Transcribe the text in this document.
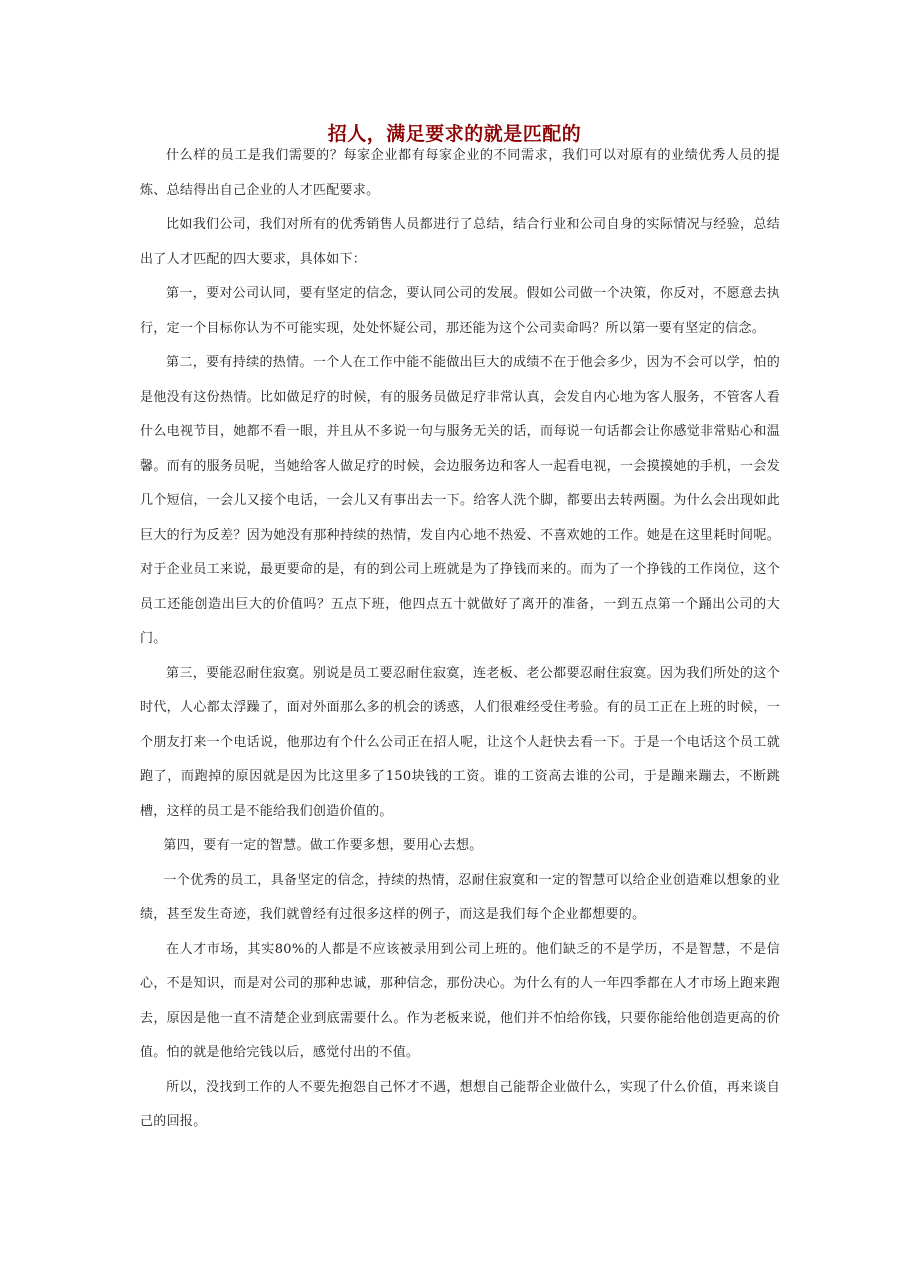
招人，满足要求的就是匹配的

什么样的员工是我们需要的？每家企业都有每家企业的不同需求，我们可以对原有的业绩优秀人员的提炼、总结得出自己企业的人才匹配要求。

比如我们公司，我们对所有的优秀销售人员都进行了总结，结合行业和公司自身的实际情况与经验，总结出了人才匹配的四大要求，具体如下：

第一，要对公司认同，要有坚定的信念，要认同公司的发展。假如公司做一个决策，你反对，不愿意去执行，定一个目标你认为不可能实现，处处怀疑公司，那还能为这个公司卖命吗？所以第一要有坚定的信念。

第二，要有持续的热情。一个人在工作中能不能做出巨大的成绩不在于他会多少，因为不会可以学，怕的是他没有这份热情。比如做足疗的时候，有的服务员做足疗非常认真，会发自内心地为客人服务，不管客人看什么电视节目，她都不看一眼，并且从不多说一句与服务无关的话，而每说一句话都会让你感觉非常贴心和温馨。而有的服务员呢，当她给客人做足疗的时候，会边服务边和客人一起看电视，一会摸摸她的手机，一会发几个短信，一会儿又接个电话，一会儿又有事出去一下。给客人洗个脚，都要出去转两圈。为什么会出现如此巨大的行为反差？因为她没有那种持续的热情，发自内心地不热爱、不喜欢她的工作。她是在这里耗时间呢。对于企业员工来说，最更要命的是，有的到公司上班就是为了挣钱而来的。而为了一个挣钱的工作岗位，这个员工还能创造出巨大的价值吗？五点下班，他四点五十就做好了离开的准备，一到五点第一个踊出公司的大门。

第三，要能忍耐住寂寞。别说是员工要忍耐住寂寞，连老板、老公都要忍耐住寂寞。因为我们所处的这个时代，人心都太浮躁了，面对外面那么多的机会的诱惑，人们很难经受住考验。有的员工正在上班的时候，一个朋友打来一个电话说，他那边有个什么公司正在招人呢，让这个人赶快去看一下。于是一个电话这个员工就跑了，而跑掉的原因就是因为比这里多了150块钱的工资。谁的工资高去谁的公司，于是蹦来蹦去，不断跳槽，这样的员工是不能给我们创造价值的。

第四，要有一定的智慧。做工作要多想，要用心去想。

一个优秀的员工，具备坚定的信念，持续的热情，忍耐住寂寞和一定的智慧可以给企业创造难以想象的业绩，甚至发生奇迹，我们就曾经有过很多这样的例子，而这是我们每个企业都想要的。

在人才市场，其实80%的人都是不应该被录用到公司上班的。他们缺乏的不是学历，不是智慧，不是信心，不是知识，而是对公司的那种忠诚，那种信念，那份决心。为什么有的人一年四季都在人才市场上跑来跑去，原因是他一直不清楚企业到底需要什么。作为老板来说，他们并不怕给你钱，只要你能给他创造更高的价值。怕的就是他给完钱以后，感觉付出的不值。

所以，没找到工作的人不要先抱怨自己怀才不遇，想想自己能帮企业做什么，实现了什么价值，再来谈自己的回报。
